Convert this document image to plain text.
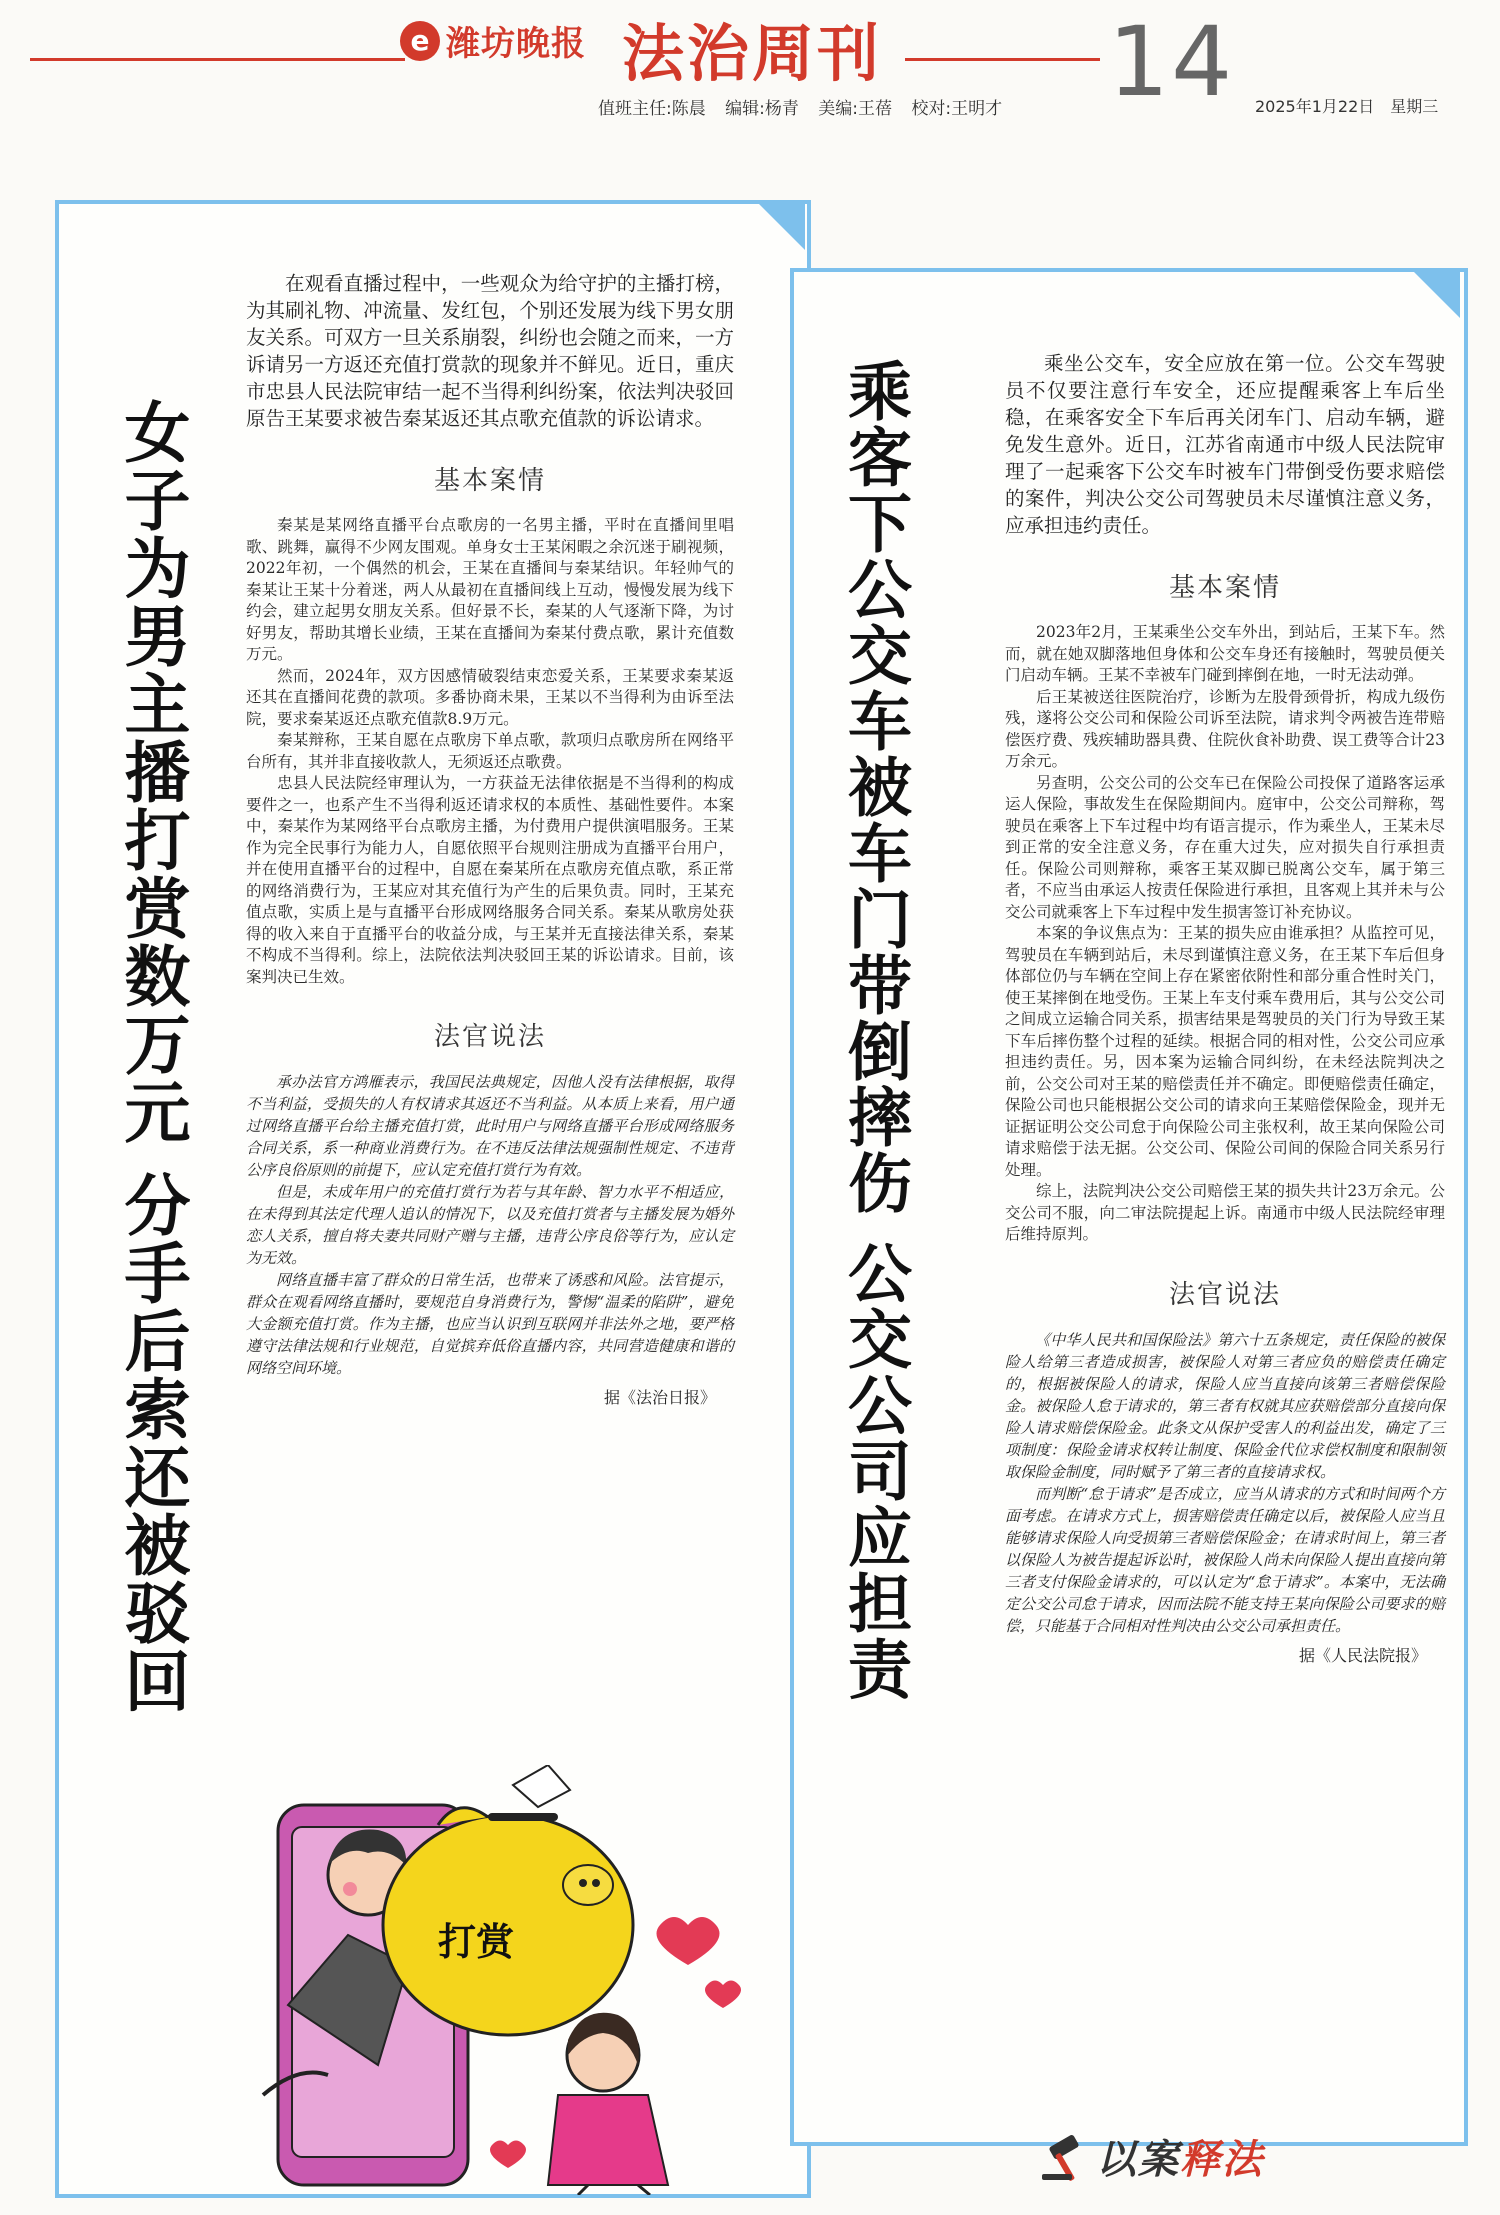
e 潍坊晚报 法治周刊 14
值班主任:陈晨 编辑:杨青 美编:王蓓 校对:王明才	2025年1月22日 星期三
女子为男主播打赏数万元 分手后索还被驳回

在观看直播过程中，一些观众为给守护的主播打榜，为其刷礼物、冲流量、发红包，个别还发展为线下男女朋友关系。可双方一旦关系崩裂，纠纷也会随之而来，一方诉请另一方返还充值打赏款的现象并不鲜见。近日，重庆市忠县人民法院审结一起不当得利纠纷案，依法判决驳回原告王某要求被告秦某返还其点歌充值款的诉讼请求。

基本案情

秦某是某网络直播平台点歌房的一名男主播，平时在直播间里唱歌、跳舞，赢得不少网友围观。单身女士王某闲暇之余沉迷于刷视频，2022年初，一个偶然的机会，王某在直播间与秦某结识。年轻帅气的秦某让王某十分着迷，两人从最初在直播间线上互动，慢慢发展为线下约会，建立起男女朋友关系。但好景不长，秦某的人气逐渐下降，为讨好男友，帮助其增长业绩，王某在直播间为秦某付费点歌，累计充值数万元。

然而，2024年，双方因感情破裂结束恋爱关系，王某要求秦某返还其在直播间花费的款项。多番协商未果，王某以不当得利为由诉至法院，要求秦某返还点歌充值款8.9万元。

秦某辩称，王某自愿在点歌房下单点歌，款项归点歌房所在网络平台所有，其并非直接收款人，无须返还点歌费。

忠县人民法院经审理认为，一方获益无法律依据是不当得利的构成要件之一，也系产生不当得利返还请求权的本质性、基础性要件。本案中，秦某作为某网络平台点歌房主播，为付费用户提供演唱服务。王某作为完全民事行为能力人，自愿依照平台规则注册成为直播平台用户，并在使用直播平台的过程中，自愿在秦某所在点歌房充值点歌，系正常的网络消费行为，王某应对其充值行为产生的后果负责。同时，王某充值点歌，实质上是与直播平台形成网络服务合同关系。秦某从歌房处获得的收入来自于直播平台的收益分成，与王某并无直接法律关系，秦某不构成不当得利。综上，法院依法判决驳回王某的诉讼请求。目前，该案判决已生效。

法官说法

承办法官方鸿雁表示，我国民法典规定，因他人没有法律根据，取得不当利益，受损失的人有权请求其返还不当利益。从本质上来看，用户通过网络直播平台给主播充值打赏，此时用户与网络直播平台形成网络服务合同关系，系一种商业消费行为。在不违反法律法规强制性规定、不违背公序良俗原则的前提下，应认定充值打赏行为有效。

但是，未成年用户的充值打赏行为若与其年龄、智力水平不相适应，在未得到其法定代理人追认的情况下，以及充值打赏者与主播发展为婚外恋人关系，擅自将夫妻共同财产赠与主播，违背公序良俗等行为，应认定为无效。

网络直播丰富了群众的日常生活，也带来了诱惑和风险。法官提示，群众在观看网络直播时，要规范自身消费行为，警惕“温柔的陷阱”，避免大金额充值打赏。作为主播，也应当认识到互联网并非法外之地，要严格遵守法律法规和行业规范，自觉摈弃低俗直播内容，共同营造健康和谐的网络空间环境。

据《法治日报》
打赏
乘客下公交车被车门带倒摔伤 公交公司应担责	乘坐公交车，安全应放在第一位。公交车驾驶员不仅要注意行车安全，还应提醒乘客上车后坐稳，在乘客安全下车后再关闭车门、启动车辆，避免发生意外。近日，江苏省南通市中级人民法院审理了一起乘客下公交车时被车门带倒受伤要求赔偿的案件，判决公交公司驾驶员未尽谨慎注意义务，应承担违约责任。

基本案情

2023年2月，王某乘坐公交车外出，到站后，王某下车。然而，就在她双脚落地但身体和公交车身还有接触时，驾驶员便关门启动车辆。王某不幸被车门碰到摔倒在地，一时无法动弹。

后王某被送往医院治疗，诊断为左股骨颈骨折，构成九级伤残，遂将公交公司和保险公司诉至法院，请求判令两被告连带赔偿医疗费、残疾辅助器具费、住院伙食补助费、误工费等合计23万余元。

另查明，公交公司的公交车已在保险公司投保了道路客运承运人保险，事故发生在保险期间内。庭审中，公交公司辩称，驾驶员在乘客上下车过程中均有语言提示，作为乘坐人，王某未尽到正常的安全注意义务，存在重大过失，应对损失自行承担责任。保险公司则辩称，乘客王某双脚已脱离公交车，属于第三者，不应当由承运人按责任保险进行承担，且客观上其并未与公交公司就乘客上下车过程中发生损害签订补充协议。

本案的争议焦点为：王某的损失应由谁承担？从监控可见，驾驶员在车辆到站后，未尽到谨慎注意义务，在王某下车后但身体部位仍与车辆在空间上存在紧密依附性和部分重合性时关门，使王某摔倒在地受伤。王某上车支付乘车费用后，其与公交公司之间成立运输合同关系，损害结果是驾驶员的关门行为导致王某下车后摔伤整个过程的延续。根据合同的相对性，公交公司应承担违约责任。另，因本案为运输合同纠纷，在未经法院判决之前，公交公司对王某的赔偿责任并不确定。即便赔偿责任确定，保险公司也只能根据公交公司的请求向王某赔偿保险金，现并无证据证明公交公司怠于向保险公司主张权利，故王某向保险公司请求赔偿于法无据。公交公司、保险公司间的保险合同关系另行处理。

综上，法院判决公交公司赔偿王某的损失共计23万余元。公交公司不服，向二审法院提起上诉。南通市中级人民法院经审理后维持原判。

法官说法

《中华人民共和国保险法》第六十五条规定，责任保险的被保险人给第三者造成损害，被保险人对第三者应负的赔偿责任确定的，根据被保险人的请求，保险人应当直接向该第三者赔偿保险金。被保险人怠于请求的，第三者有权就其应获赔偿部分直接向保险人请求赔偿保险金。此条文从保护受害人的利益出发，确定了三项制度：保险金请求权转让制度、保险金代位求偿权制度和限制领取保险金制度，同时赋予了第三者的直接请求权。

而判断“怠于请求”是否成立，应当从请求的方式和时间两个方面考虑。在请求方式上，损害赔偿责任确定以后，被保险人应当且能够请求保险人向受损第三者赔偿保险金；在请求时间上，第三者以保险人为被告提起诉讼时，被保险人尚未向保险人提出直接向第三者支付保险金请求的，可以认定为“怠于请求”。本案中，无法确定公交公司怠于请求，因而法院不能支持王某向保险公司要求的赔偿，只能基于合同相对性判决由公交公司承担责任。

据《人民法院报》
以案释法
